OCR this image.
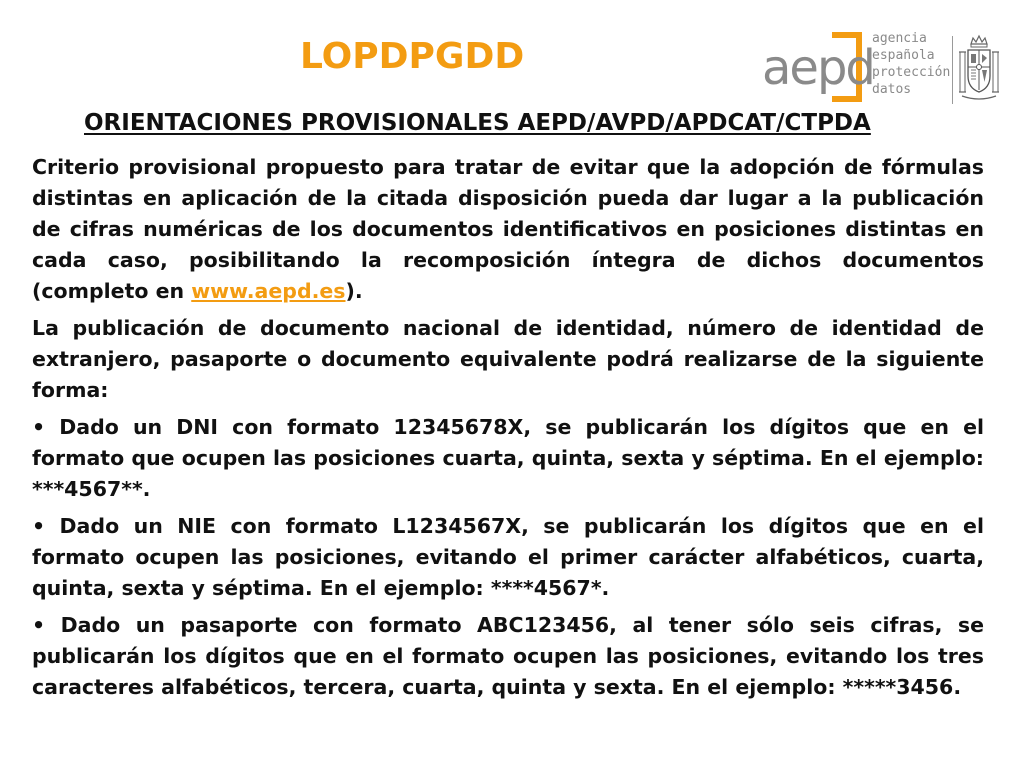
LOPDPGDD	aepd
agencia
española
protección
datos
ORIENTACIONES PROVISIONALES AEPD/AVPD/APDCAT/CTPDA

Criterio provisional propuesto para tratar de evitar que la adopción de fórmulas distintas en aplicación de la citada disposición pueda dar lugar a la publicación de cifras numéricas de los documentos identificativos en posiciones distintas en cada caso, posibilitando la recomposición íntegra de dichos documentos (completo en www.aepd.es).

La publicación de documento nacional de identidad, número de identidad de extranjero, pasaporte o documento equivalente podrá realizarse de la siguiente forma:

• Dado un DNI con formato 12345678X, se publicarán los dígitos que en el formato que ocupen las posiciones cuarta, quinta, sexta y séptima. En el ejemplo: ***4567**.

• Dado un NIE con formato L1234567X, se publicarán los dígitos que en el formato ocupen las posiciones, evitando el primer carácter alfabéticos, cuarta, quinta, sexta y séptima. En el ejemplo: ****4567*.

• Dado un pasaporte con formato ABC123456, al tener sólo seis cifras, se publicarán los dígitos que en el formato ocupen las posiciones, evitando los tres caracteres alfabéticos, tercera, cuarta, quinta y sexta. En el ejemplo: *****3456.
